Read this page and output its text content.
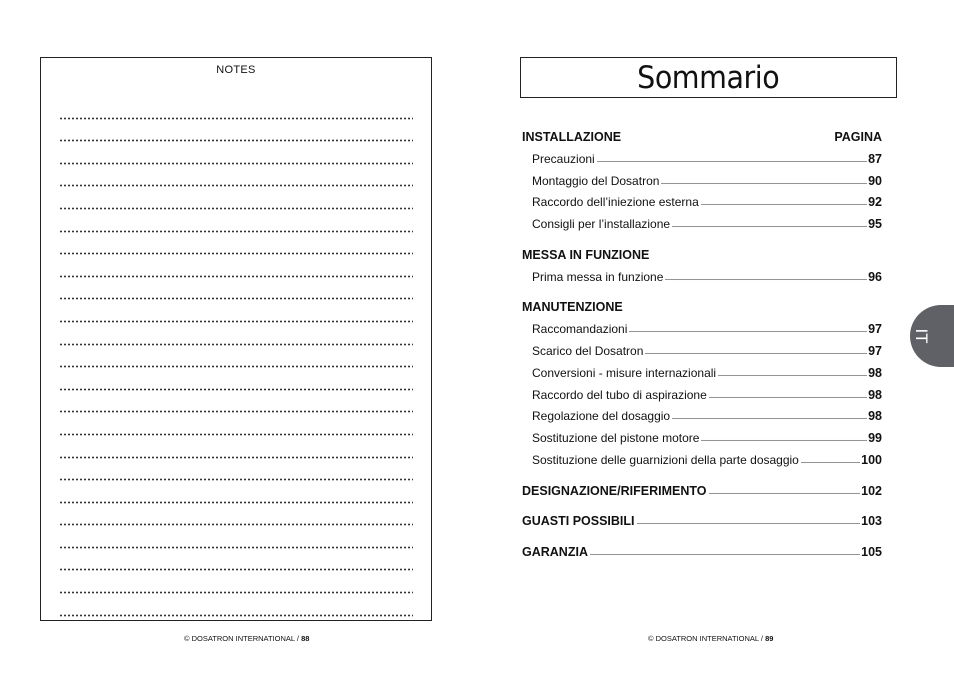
NOTES
© DOSATRON INTERNATIONAL / 88
Sommario
INSTALLAZIONE	PAGINA
Precauzioni	87
Montaggio del Dosatron	90
Raccordo dell’iniezione esterna	92
Consigli per l’installazione	95
MESSA IN FUNZIONE
Prima messa in funzione	96
MANUTENZIONE
Raccomandazioni	97
Scarico del Dosatron	97
Conversioni - misure internazionali	98
Raccordo del tubo di aspirazione	98
Regolazione del dosaggio	98
Sostituzione del pistone motore	99
Sostituzione delle guarnizioni della parte dosaggio	100
DESIGNAZIONE/RIFERIMENTO	102
GUASTI POSSIBILI	103
GARANZIA	105
IT
© DOSATRON INTERNATIONAL / 89
